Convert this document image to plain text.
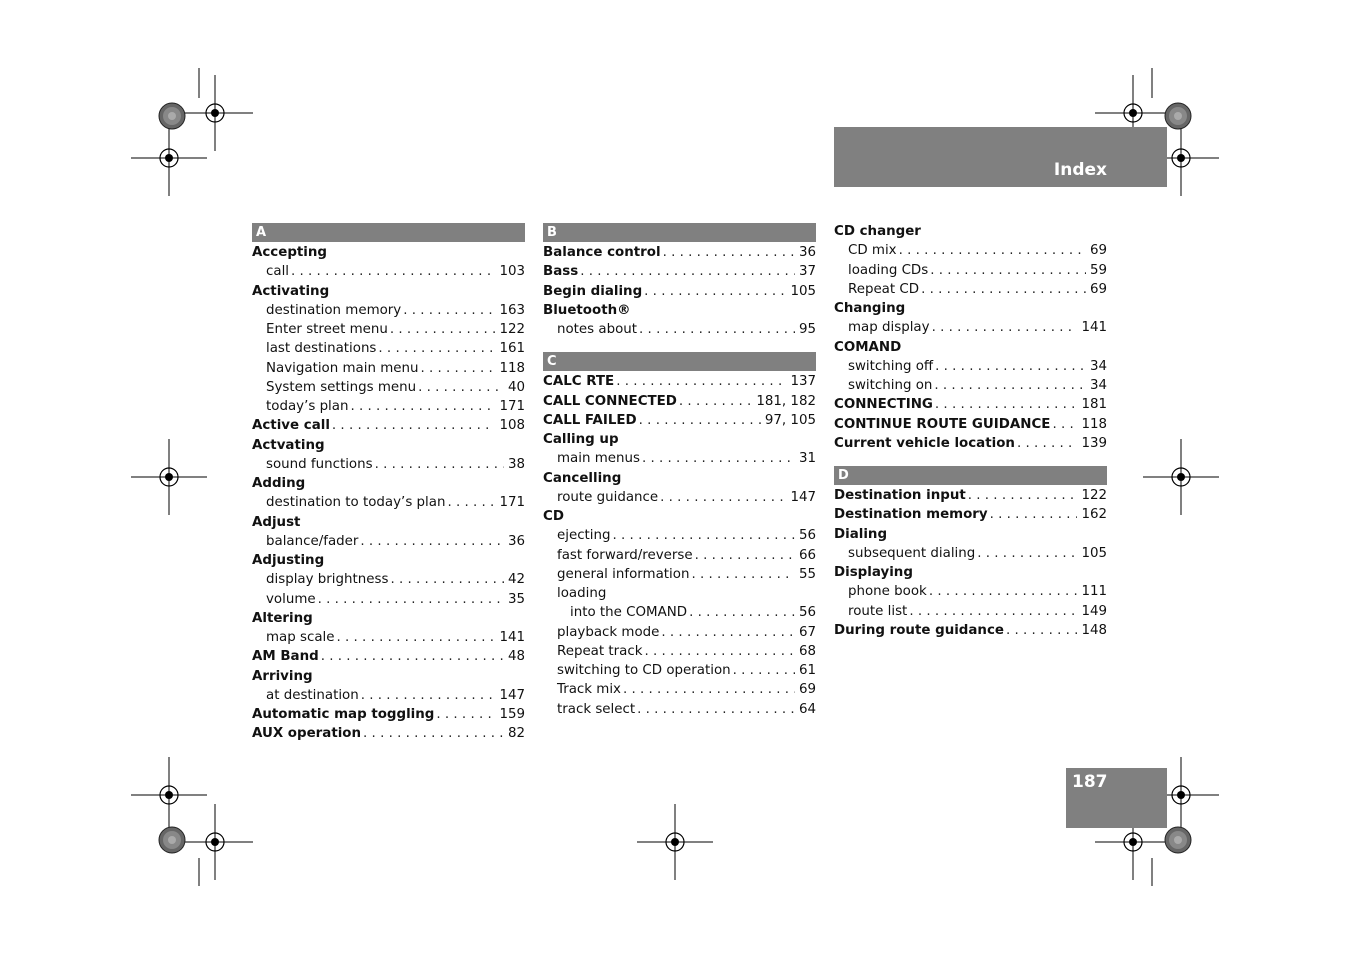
Index
187
A
Accepting
call . . .	103
Activating
destination memory . . .	163
Enter street menu . . .	122
last destinations . . .	161
Navigation main menu . . .	118
System settings menu . . .	40
today’s plan . . .	171
Active call . . .	108
Actvating
sound functions . . .	38
Adding
destination to today’s plan . . .	171
Adjust
balance/fader . . .	36
Adjusting
display brightness . . .	42
volume . . .	35
Altering
map scale . . .	141
AM Band . . .	48
Arriving
at destination . . .	147
Automatic map toggling . . .	159
AUX operation . . .	82
B
Balance control . . .	36
Bass . . .	37
Begin dialing . . .	105
Bluetooth®
notes about . . .	95
C
CALC RTE . . .	137
CALL CONNECTED . . .	181, 182
CALL FAILED . . .	97, 105
Calling up
main menus . . .	31
Cancelling
route guidance . . .	147
CD
ejecting . . .	56
fast forward/reverse . . .	66
general information . . .	55
loading
into the COMAND . . .	56
playback mode . . .	67
Repeat track . . .	68
switching to CD operation . . .	61
Track mix . . .	69
track select . . .	64
CD changer
CD mix . . .	69
loading CDs . . .	59
Repeat CD . . .	69
Changing
map display . . .	141
COMAND
switching off . . .	34
switching on . . .	34
CONNECTING . . .	181
CONTINUE ROUTE GUIDANCE . . . 118
Current vehicle location . . .	139
D
Destination input . . .	122
Destination memory . . .	162
Dialing
subsequent dialing . . .	105
Displaying
phone book . . .	111
route list . . .	149
During route guidance . . .	148
